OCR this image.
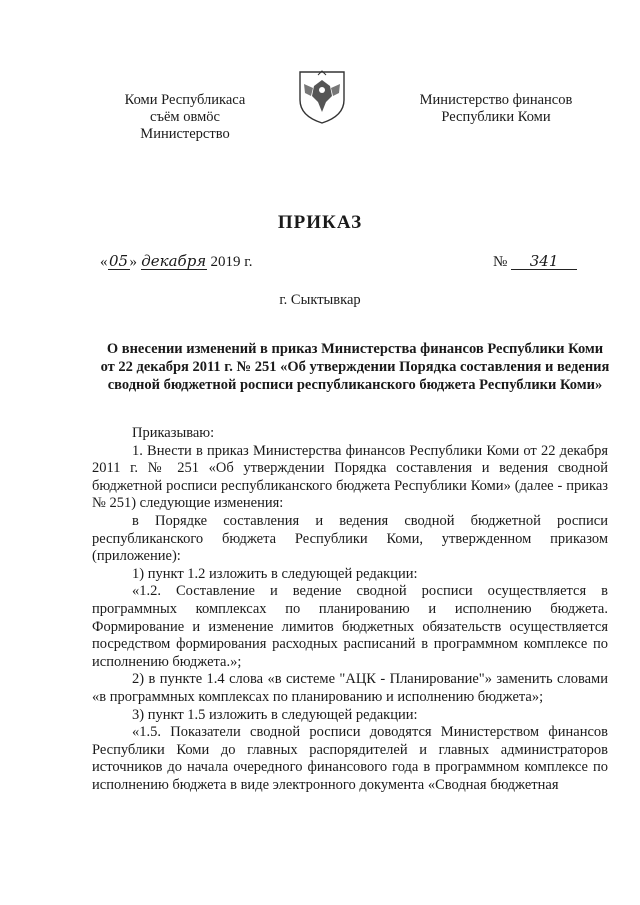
Коми Республикаса
съём овмöс
Министерство
Министерство финансов
Республики Коми
ПРИКАЗ
«05» декабря 2019 г.	№ 341
г. Сыктывкар
О внесении изменений в приказ Министерства финансов Республики Коми от 22 декабря 2011 г. № 251 «Об утверждении Порядка составления и ведения сводной бюджетной росписи республиканского бюджета Республики Коми»

Приказываю:

1. Внести в приказ Министерства финансов Республики Коми от 22 декабря 2011 г. № 251 «Об утверждении Порядка составления и ведения сводной бюджетной росписи республиканского бюджета Республики Коми» (далее - приказ № 251) следующие изменения:

в Порядке составления и ведения сводной бюджетной росписи республиканского бюджета Республики Коми, утвержденном приказом (приложение):

1) пункт 1.2 изложить в следующей редакции:

«1.2. Составление и ведение сводной росписи осуществляется в программных комплексах по планированию и исполнению бюджета. Формирование и изменение лимитов бюджетных обязательств осуществляется посредством формирования расходных расписаний в программном комплексе по исполнению бюджета.»;

2) в пункте 1.4 слова «в системе "АЦК - Планирование"» заменить словами «в программных комплексах по планированию и исполнению бюджета»;

3) пункт 1.5 изложить в следующей редакции:

«1.5. Показатели сводной росписи доводятся Министерством финансов Республики Коми до главных распорядителей и главных администраторов источников до начала очередного финансового года в программном комплексе по исполнению бюджета в виде электронного документа «Сводная бюджетная
